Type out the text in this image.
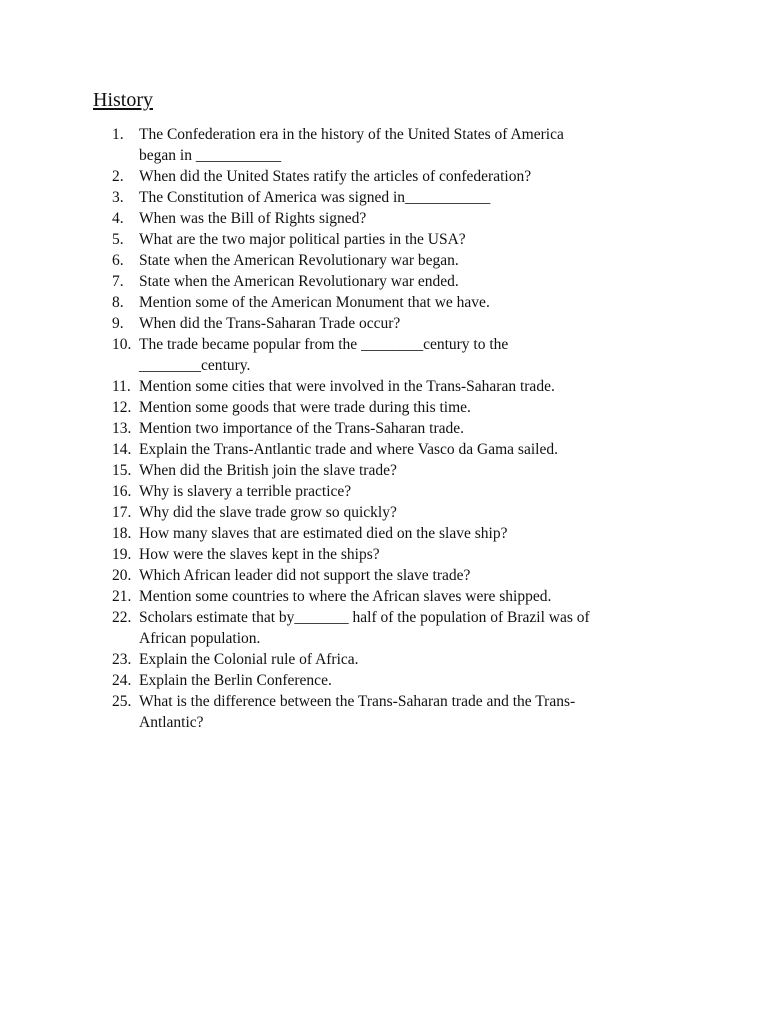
History
1. The Confederation era in the history of the United States of America
began in ___________
2. When did the United States ratify the articles of confederation?
3. The Constitution of America was signed in___________
4. When was the Bill of Rights signed?
5. What are the two major political parties in the USA?
6. State when the American Revolutionary war began.
7. State when the American Revolutionary war ended.
8. Mention some of the American Monument that we have.
9. When did the Trans-Saharan Trade occur?
10. The trade became popular from the ________century to the
________century.
11. Mention some cities that were involved in the Trans-Saharan trade.
12. Mention some goods that were trade during this time.
13. Mention two importance of the Trans-Saharan trade.
14. Explain the Trans-Antlantic trade and where Vasco da Gama sailed.
15. When did the British join the slave trade?
16. Why is slavery a terrible practice?
17. Why did the slave trade grow so quickly?
18. How many slaves that are estimated died on the slave ship?
19. How were the slaves kept in the ships?
20. Which African leader did not support the slave trade?
21. Mention some countries to where the African slaves were shipped.
22. Scholars estimate that by_______ half of the population of Brazil was of
African population.
23. Explain the Colonial rule of Africa.
24. Explain the Berlin Conference.
25. What is the difference between the Trans-Saharan trade and the Trans-
Antlantic?
